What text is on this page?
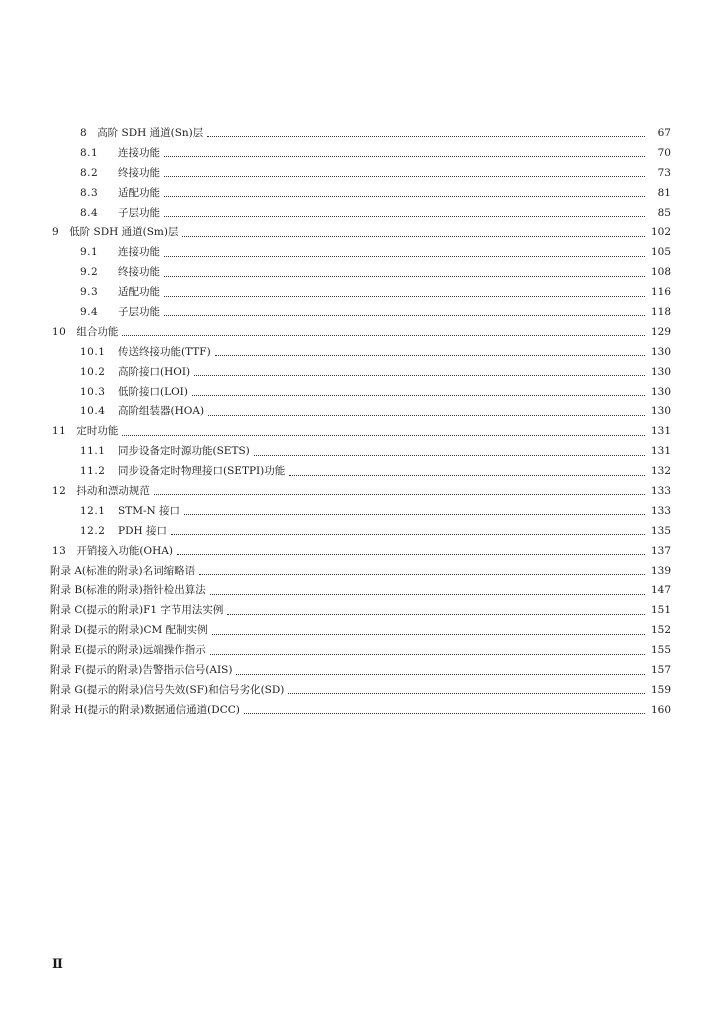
8 高阶 SDH 通道(Sn)层	67
8.1	连接功能	70
8.2	终接功能	73
8.3	适配功能	81
8.4	子层功能	85
9 低阶 SDH 通道(Sm)层	102
9.1	连接功能	105
9.2	终接功能	108
9.3	适配功能	116
9.4	子层功能	118
10 组合功能	129
10.1	传送终接功能(TTF)	130
10.2	高阶接口(HOI)	130
10.3	低阶接口(LOI)	130
10.4	高阶组装器(HOA)	130
11 定时功能	131
11.1	同步设备定时源功能(SETS)	131
11.2	同步设备定时物理接口(SETPI)功能	132
12 抖动和漂动规范	133
12.1	STM-N 接口	133
12.2	PDH 接口	135
13 开销接入功能(OHA)	137
附录 A(标准的附录)名词缩略语	139
附录 B(标准的附录)指针检出算法	147
附录 C(提示的附录)F1 字节用法实例	151
附录 D(提示的附录)CM 配制实例	152
附录 E(提示的附录)远端操作指示	155
附录 F(提示的附录)告警指示信号(AIS)	157
附录 G(提示的附录)信号失效(SF)和信号劣化(SD)	159
附录 H(提示的附录)数据通信通道(DCC)	160
Ⅱ
